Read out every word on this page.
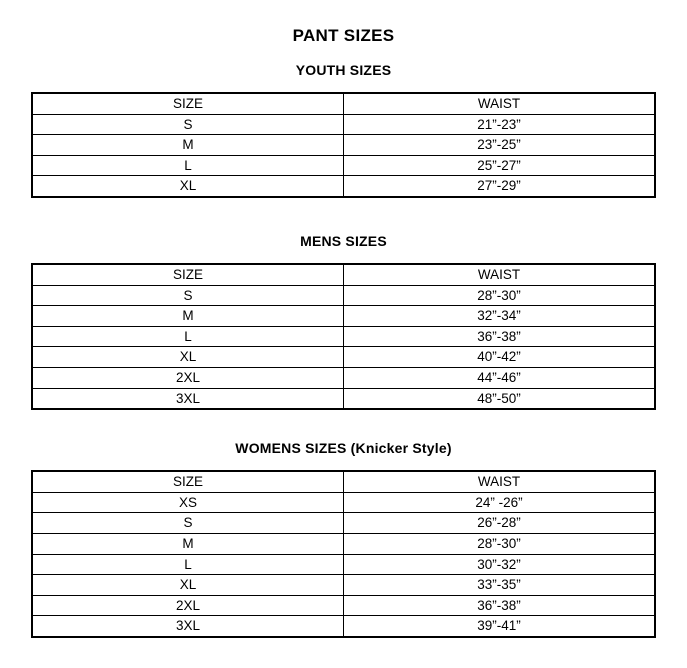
PANT SIZES
YOUTH SIZES
SIZE	WAIST
S	21”-23”
M	23”-25”
L	25”-27”
XL	27”-29”
MENS SIZES
SIZE	WAIST
S	28”-30”
M	32”-34”
L	36”-38”
XL	40”-42”
2XL	44”-46”
3XL	48”-50”
WOMENS SIZES (Knicker Style)
SIZE	WAIST
XS	24” -26”
S	26”-28”
M	28”-30”
L	30”-32”
XL	33”-35”
2XL	36”-38”
3XL	39”-41”
